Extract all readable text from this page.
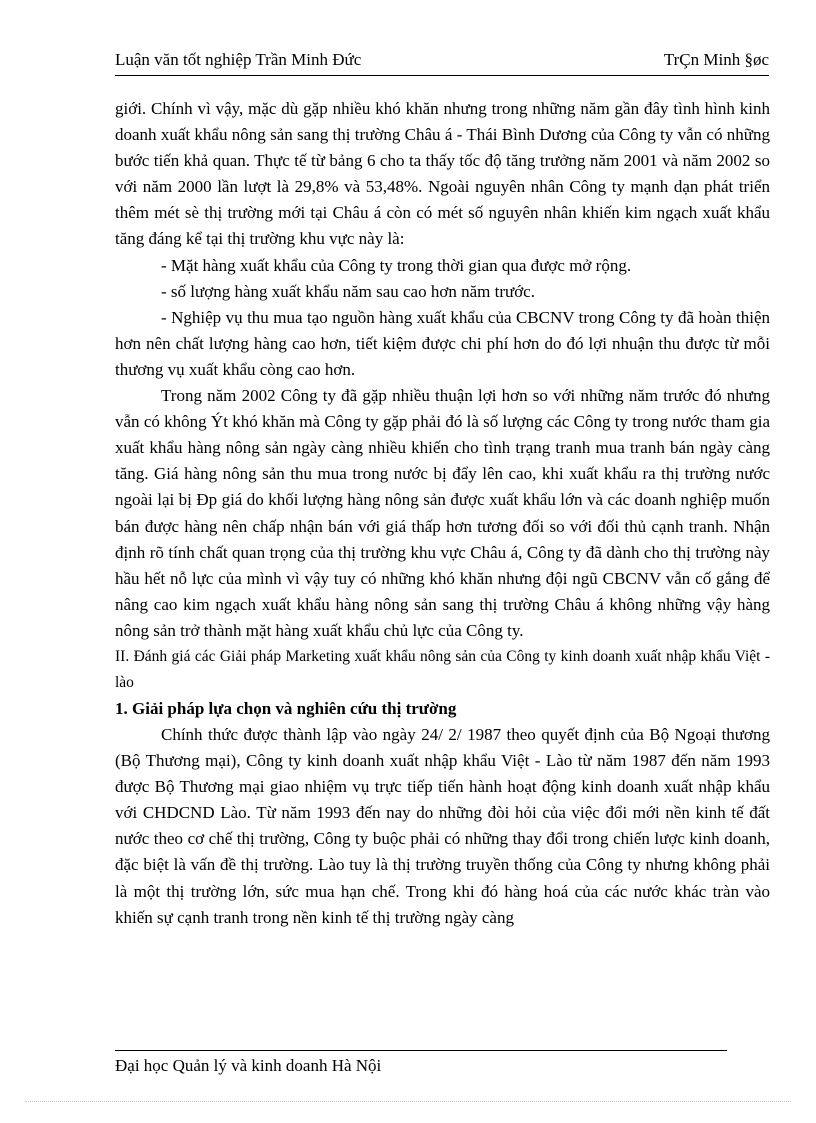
Luận văn tốt nghiệp Trần Minh Đức	TrÇn Minh §øc

giới. Chính vì vậy, mặc dù gặp nhiều khó khăn nhưng trong những năm gần đây tình hình kinh doanh xuất khẩu nông sản sang thị trường Châu á - Thái Bình Dương của Công ty vẫn có những bước tiến khả quan. Thực tế từ bảng 6 cho ta thấy tốc độ tăng trưởng năm 2001 và năm 2002 so với năm 2000 lần lượt là 29,8% và 53,48%. Ngoài nguyên nhân Công ty mạnh dạn phát triển thêm mét sè thị trường mới tại Châu á còn có mét số nguyên nhân khiến kim ngạch xuất khẩu tăng đáng kể tại thị trường khu vực này là:

- Mặt hàng xuất khẩu của Công ty trong thời gian qua được mở rộng.

- số lượng hàng xuất khẩu năm sau cao hơn năm trước.

- Nghiệp vụ thu mua tạo nguồn hàng xuất khẩu của CBCNV trong Công ty đã hoàn thiện hơn nên chất lượng hàng cao hơn, tiết kiệm được chi phí hơn do đó lợi nhuận thu được từ mỗi thương vụ xuất khẩu còng cao hơn.

Trong năm 2002 Công ty đã gặp nhiều thuận lợi hơn so với những năm trước đó nhưng vẫn có không Ýt khó khăn mà Công ty gặp phải đó là số lượng các Công ty trong nước tham gia xuất khẩu hàng nông sản ngày càng nhiều khiến cho tình trạng tranh mua tranh bán ngày càng tăng. Giá hàng nông sản thu mua trong nước bị đẩy lên cao, khi xuất khẩu ra thị trường nước ngoài lại bị Ðp giá do khối lượng hàng nông sản được xuất khẩu lớn và các doanh nghiệp muốn bán được hàng nên chấp nhận bán với giá thấp hơn tương đối so với đối thủ cạnh tranh. Nhận định rõ tính chất quan trọng của thị trường khu vực Châu á, Công ty đã dành cho thị trường này hầu hết nỗ lực của mình vì vậy tuy có những khó khăn nhưng đội ngũ CBCNV vẫn cố gắng để nâng cao kim ngạch xuất khẩu hàng nông sản sang thị trường Châu á không những vậy hàng nông sản trở thành mặt hàng xuất khẩu chủ lực của Công ty.

II. Đánh giá các Giải pháp Marketing xuất khẩu nông sản của Công ty kinh doanh xuất nhập khẩu Việt - lào

1. Giải pháp lựa chọn và nghiên cứu thị trường

Chính thức được thành lập vào ngày 24/ 2/ 1987 theo quyết định của Bộ Ngoại thương (Bộ Thương mại), Công ty kinh doanh xuất nhập khẩu Việt - Lào từ năm 1987 đến năm 1993 được Bộ Thương mại giao nhiệm vụ trực tiếp tiến hành hoạt động kinh doanh xuất nhập khẩu với CHDCND Lào. Từ năm 1993 đến nay do những đòi hỏi của việc đổi mới nền kinh tế đất nước theo cơ chế thị trường, Công ty buộc phải có những thay đổi trong chiến lược kinh doanh, đặc biệt là vấn đề thị trường. Lào tuy là thị trường truyền thống của Công ty nhưng không phải là một thị trường lớn, sức mua hạn chế. Trong khi đó hàng hoá của các nước khác tràn vào khiến sự cạnh tranh trong nền kinh tế thị trường ngày càng

Đại học Quản lý và kinh doanh Hà Nội
